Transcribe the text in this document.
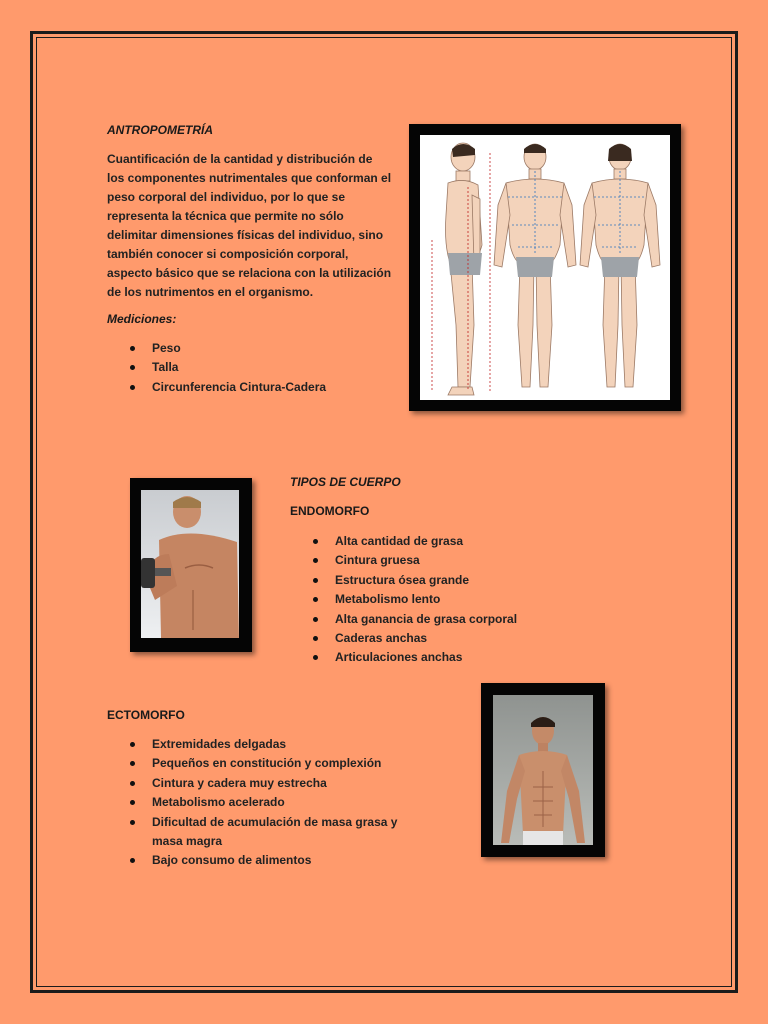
ANTROPOMETRÍA
Cuantificación de la cantidad y distribución de los componentes nutrimentales que conforman el peso corporal del individuo, por lo que se representa la técnica que permite no sólo delimitar dimensiones físicas del individuo, sino también conocer si composición corporal, aspecto básico que se relaciona con la utilización de los nutrimentos en el organismo.
Mediciones:
Peso
Talla
Circunferencia Cintura-Cadera
TIPOS DE CUERPO
ENDOMORFO
Alta cantidad de grasa
Cintura gruesa
Estructura ósea grande
Metabolismo lento
Alta ganancia de grasa corporal
Caderas anchas
Articulaciones anchas
ECTOMORFO
Extremidades delgadas
Pequeños en constitución y complexión
Cintura y cadera muy estrecha
Metabolismo acelerado
Dificultad de acumulación de masa grasa y masa magra
Bajo consumo de alimentos
